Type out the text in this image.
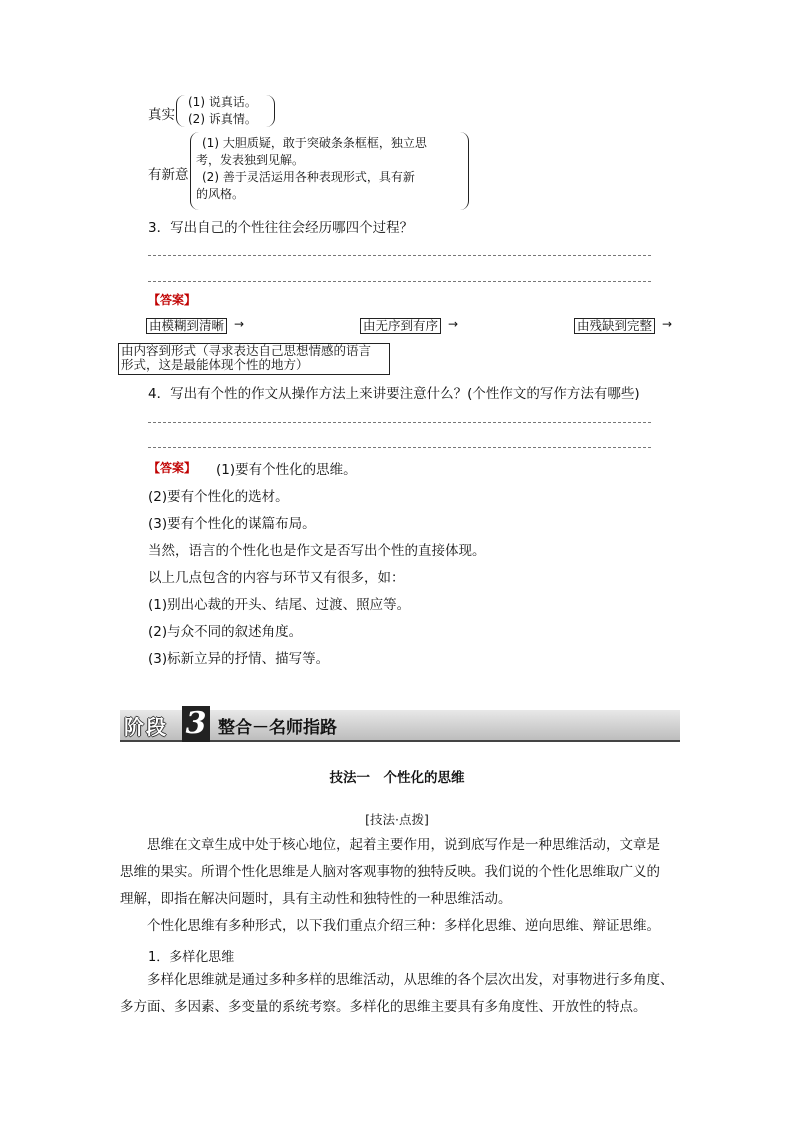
真实
(1) 说真话。
(2) 诉真情。
有新意
(1) 大胆质疑，敢于突破条条框框，独立思
考，发表独到见解。
(2) 善于灵活运用各种表现形式，具有新
的风格。
3．写出自己的个性往往会经历哪四个过程？
【答案】
由模糊到清晰 →	由无序到有序 →	由残缺到完整 →
由内容到形式（寻求表达自己思想情感的语言
形式，这是最能体现个性的地方）
4．写出有个性的作文从操作方法上来讲要注意什么？(个性作文的写作方法有哪些)
【答案】 (1)要有个性化的思维。
(2)要有个性化的选材。
(3)要有个性化的谋篇布局。
当然，语言的个性化也是作文是否写出个性的直接体现。
以上几点包含的内容与环节又有很多，如：
(1)别出心裁的开头、结尾、过渡、照应等。
(2)与众不同的叙述角度。
(3)标新立异的抒情、描写等。
阶段 3 整合－名师指路
技法一　个性化的思维
[技法·点拨]
思维在文章生成中处于核心地位，起着主要作用，说到底写作是一种思维活动，文章是
思维的果实。所谓个性化思维是人脑对客观事物的独特反映。我们说的个性化思维取广义的
理解，即指在解决问题时，具有主动性和独特性的一种思维活动。
个性化思维有多种形式，以下我们重点介绍三种：多样化思维、逆向思维、辩证思维。
1．多样化思维
多样化思维就是通过多种多样的思维活动，从思维的各个层次出发，对事物进行多角度、
多方面、多因素、多变量的系统考察。多样化的思维主要具有多角度性、开放性的特点。
